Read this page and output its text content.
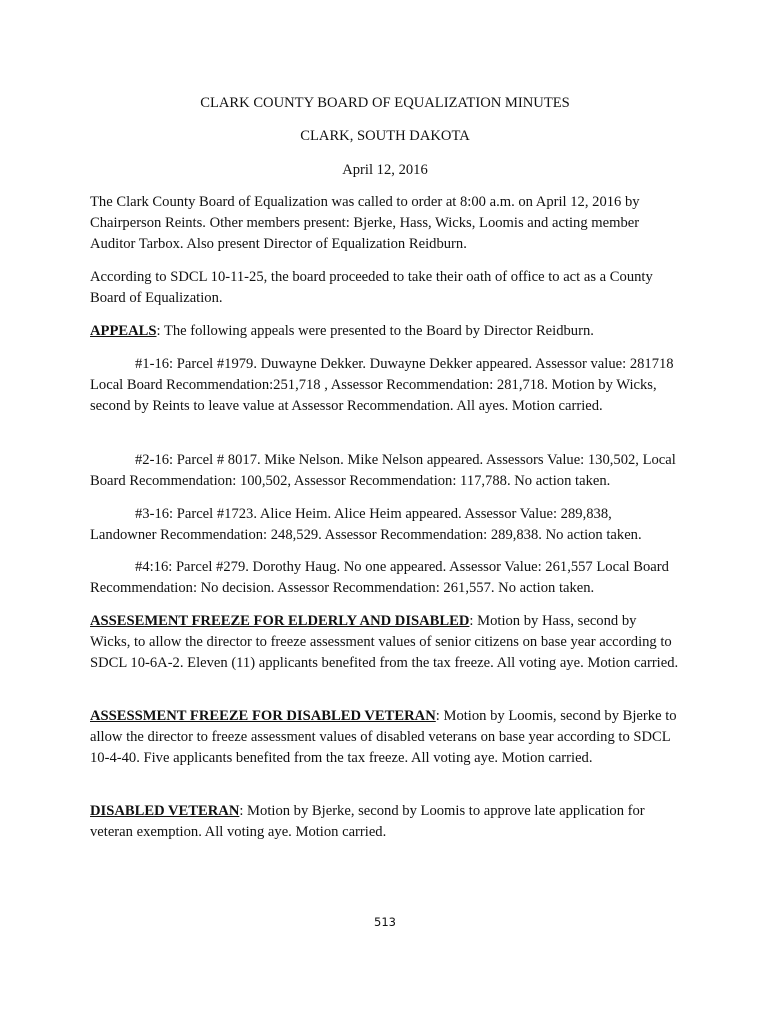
CLARK COUNTY BOARD OF EQUALIZATION MINUTES
CLARK, SOUTH DAKOTA
April 12, 2016

The Clark County Board of Equalization was called to order at 8:00 a.m. on April 12, 2016 by Chairperson Reints. Other members present: Bjerke, Hass, Wicks, Loomis and acting member Auditor Tarbox. Also present Director of Equalization Reidburn.

According to SDCL 10-11-25, the board proceeded to take their oath of office to act as a County Board of Equalization.

APPEALS: The following appeals were presented to the Board by Director Reidburn.

#1-16: Parcel #1979. Duwayne Dekker. Duwayne Dekker appeared. Assessor value: 281718 Local Board Recommendation:251,718 , Assessor Recommendation: 281,718. Motion by Wicks, second by Reints to leave value at Assessor Recommendation. All ayes. Motion carried.

#2-16: Parcel # 8017. Mike Nelson. Mike Nelson appeared. Assessors Value: 130,502, Local Board Recommendation: 100,502, Assessor Recommendation: 117,788. No action taken.

#3-16: Parcel #1723. Alice Heim. Alice Heim appeared. Assessor Value: 289,838, Landowner Recommendation: 248,529. Assessor Recommendation: 289,838. No action taken.

#4:16: Parcel #279. Dorothy Haug. No one appeared. Assessor Value: 261,557 Local Board Recommendation: No decision. Assessor Recommendation: 261,557. No action taken.

ASSESEMENT FREEZE FOR ELDERLY AND DISABLED: Motion by Hass, second by Wicks, to allow the director to freeze assessment values of senior citizens on base year according to SDCL 10-6A-2. Eleven (11) applicants benefited from the tax freeze. All voting aye. Motion carried.

ASSESSMENT FREEZE FOR DISABLED VETERAN: Motion by Loomis, second by Bjerke to allow the director to freeze assessment values of disabled veterans on base year according to SDCL 10-4-40. Five applicants benefited from the tax freeze. All voting aye. Motion carried.

DISABLED VETERAN: Motion by Bjerke, second by Loomis to approve late application for veteran exemption. All voting aye. Motion carried.

513
